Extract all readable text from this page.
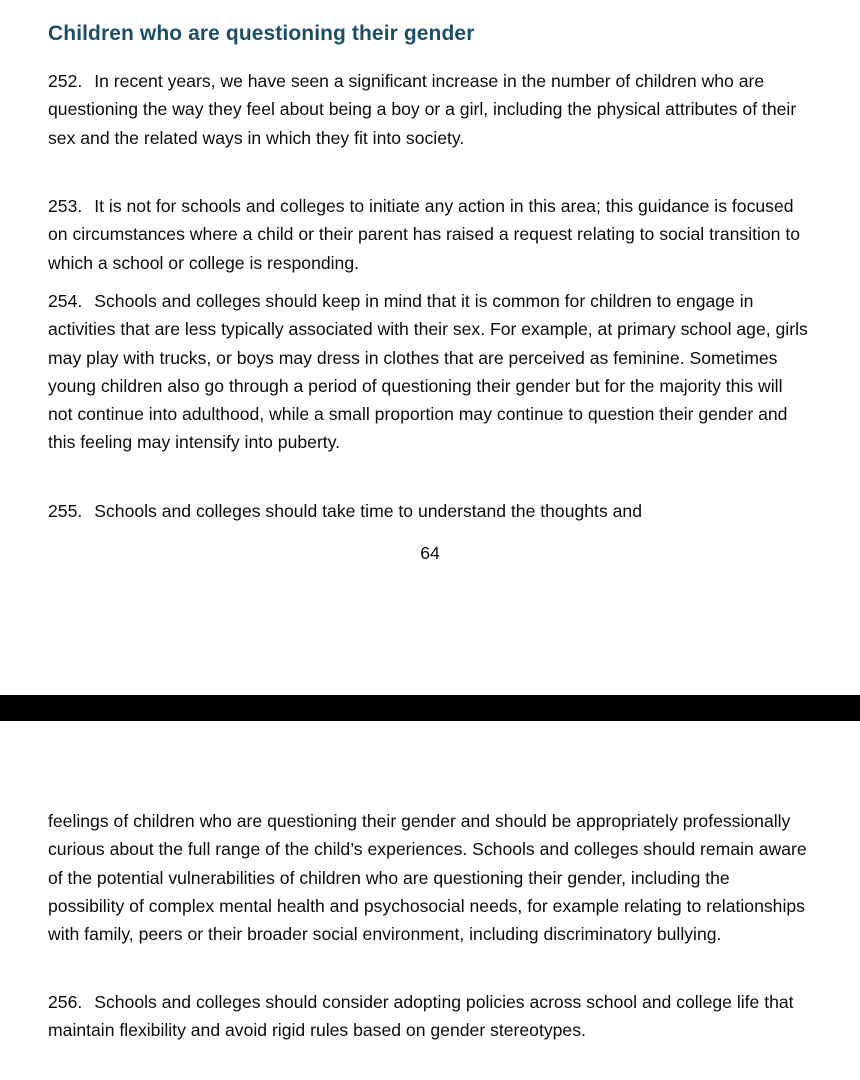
Children who are questioning their gender

252. In recent years, we have seen a significant increase in the number of children who are questioning the way they feel about being a boy or a girl, including the physical attributes of their sex and the related ways in which they fit into society.

253. It is not for schools and colleges to initiate any action in this area; this guidance is focused on circumstances where a child or their parent has raised a request relating to social transition to which a school or college is responding.

254. Schools and colleges should keep in mind that it is common for children to engage in activities that are less typically associated with their sex. For example, at primary school age, girls may play with trucks, or boys may dress in clothes that are perceived as feminine. Sometimes young children also go through a period of questioning their gender but for the majority this will not continue into adulthood, while a small proportion may continue to question their gender and this feeling may intensify into puberty.

255. Schools and colleges should take time to understand the thoughts and

64

feelings of children who are questioning their gender and should be appropriately professionally curious about the full range of the child’s experiences. Schools and colleges should remain aware of the potential vulnerabilities of children who are questioning their gender, including the possibility of complex mental health and psychosocial needs, for example relating to relationships with family, peers or their broader social environment, including discriminatory bullying.

256. Schools and colleges should consider adopting policies across school and college life that maintain flexibility and avoid rigid rules based on gender stereotypes.
